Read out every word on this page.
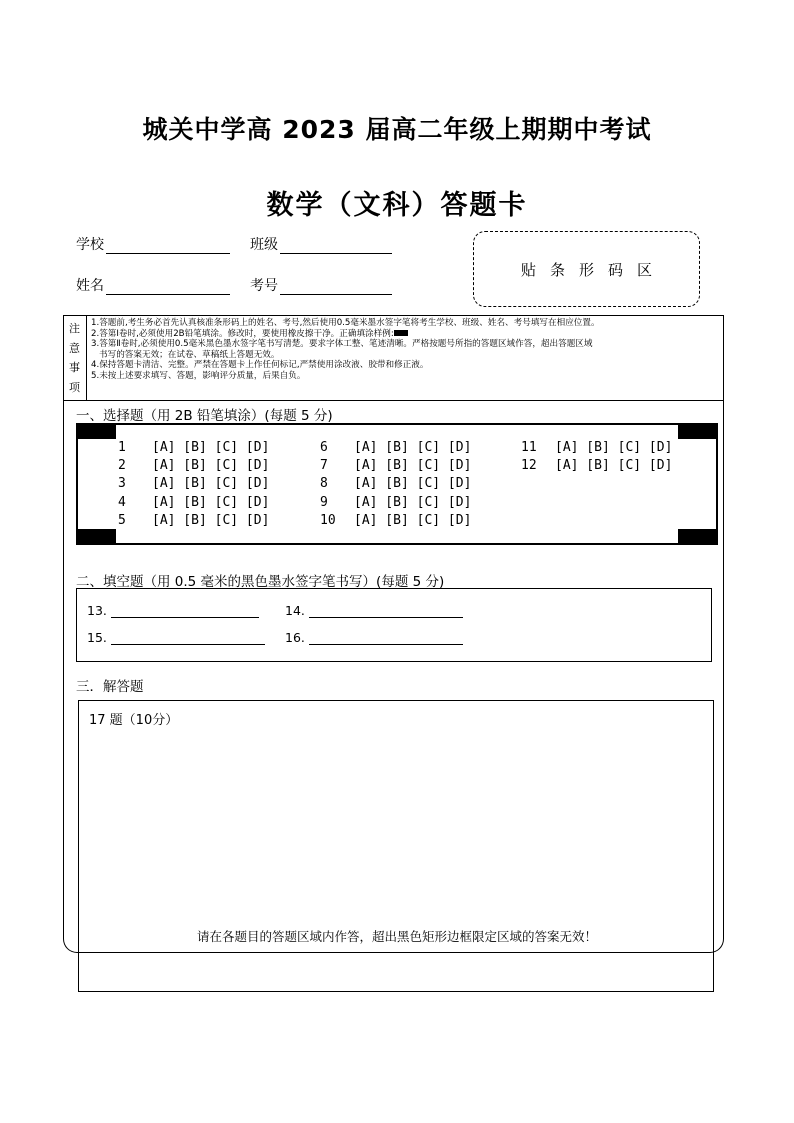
城关中学高 2023 届高二年级上期期中考试
数学（文科）答题卡
学校	班级
姓名	考号
贴条形码区
注
意
事
项
1.答题前,考生务必首先认真核准条形码上的姓名、考号,然后使用0.5毫米墨水签字笔将考生学校、班级、姓名、考号填写在相应位置。
2.答第Ⅰ卷时,必须使用2B铅笔填涂。修改时，要使用橡皮擦干净。正确填涂样例:
3.答第Ⅱ卷时,必须使用0.5毫米黑色墨水签字笔书写清楚。要求字体工整、笔迹清晰。严格按题号所指的答题区域作答，超出答题区域
书写的答案无效；在试卷、草稿纸上答题无效。
4.保持答题卡清洁、完整。严禁在答题卡上作任何标记,严禁使用涂改液、胶带和修正液。
5.未按上述要求填写、答题，影响评分质量，后果自负。
一、选择题（用 2B 铅笔填涂）(每题 5 分)
1 [A] [B] [C] [D]
2 [A] [B] [C] [D]
3 [A] [B] [C] [D]
4 [A] [B] [C] [D]
5 [A] [B] [C] [D]
6 [A] [B] [C] [D]
7 [A] [B] [C] [D]
8 [A] [B] [C] [D]
9 [A] [B] [C] [D]
10 [A] [B] [C] [D]
11 [A] [B] [C] [D]
12 [A] [B] [C] [D]
二、填空题（用 0.5 毫米的黑色墨水签字笔书写）(每题 5 分)
13.	14.
15.	16.
三．解答题
17 题（10分）
请在各题目的答题区域内作答，超出黑色矩形边框限定区域的答案无效！
